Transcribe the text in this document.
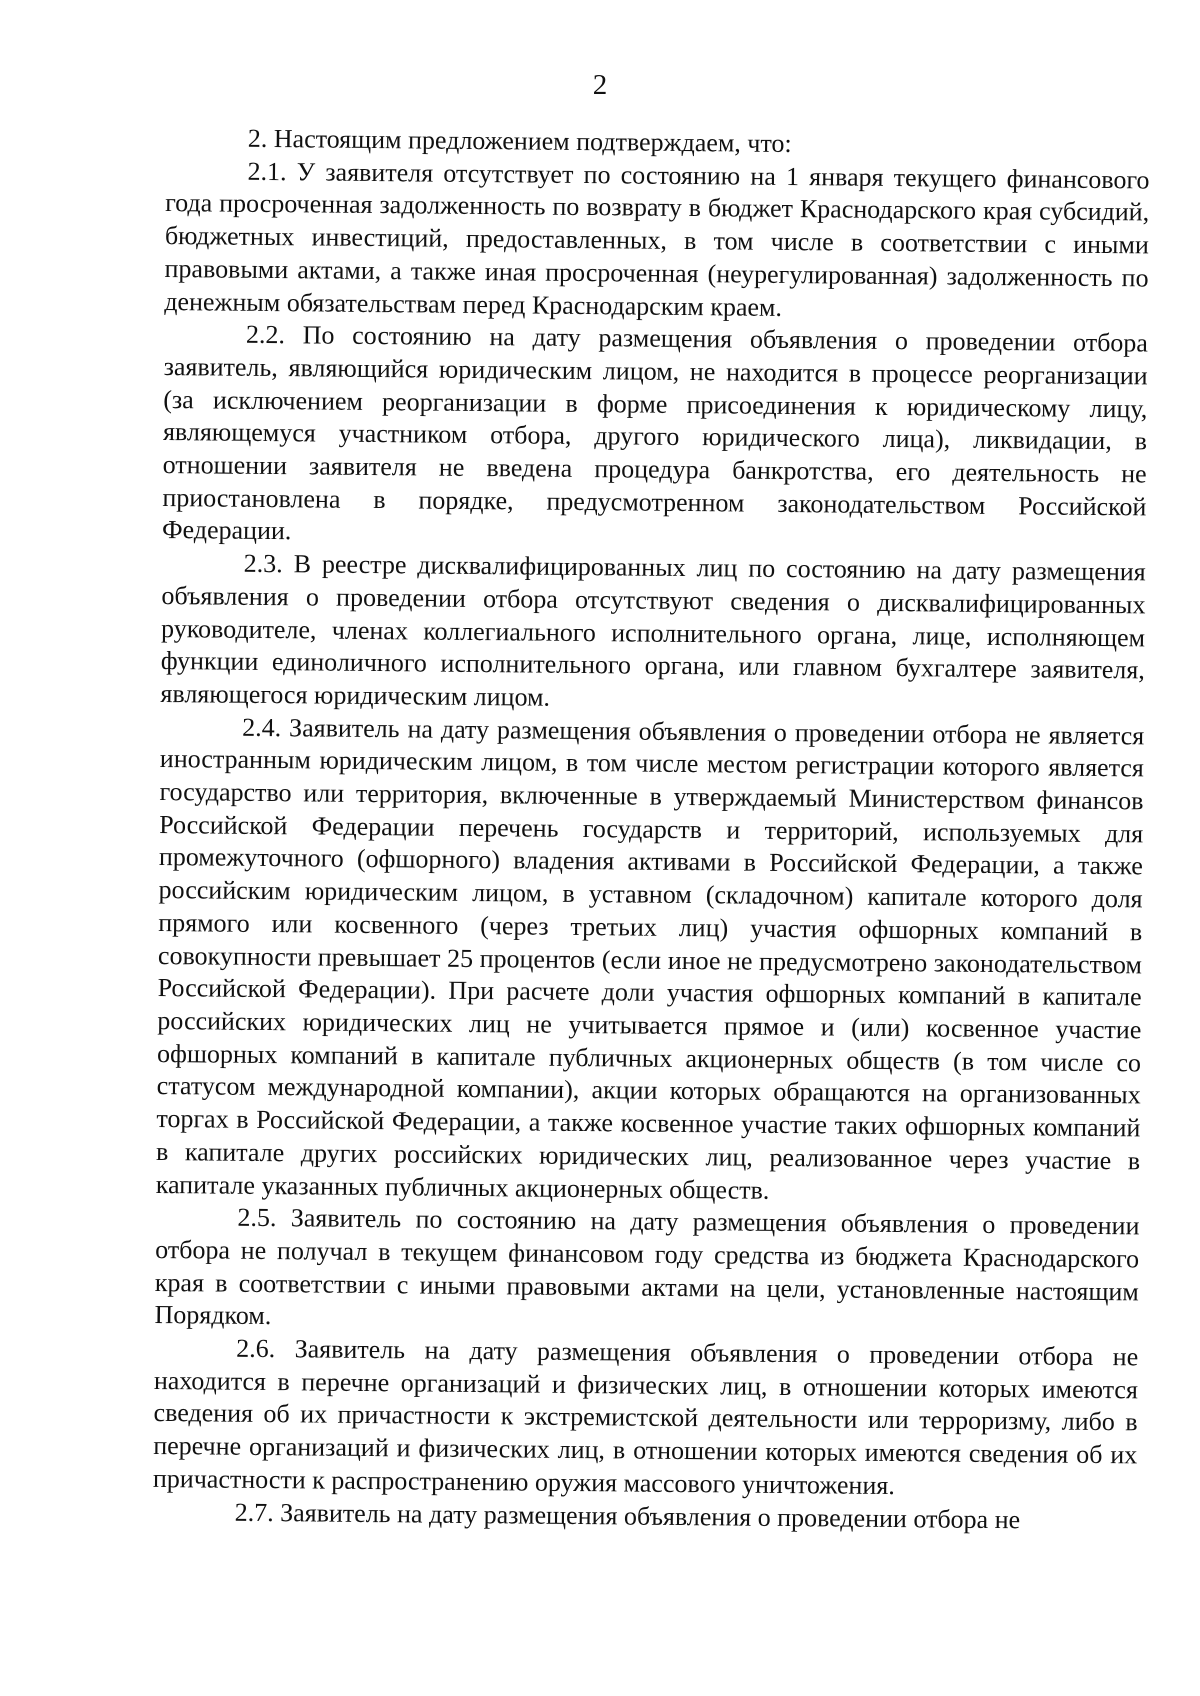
2

2. Настоящим предложением подтверждаем, что:

2.1. У заявителя отсутствует по состоянию на 1 января текущего финансового года просроченная задолженность по возврату в бюджет Краснодарского края субсидий, бюджетных инвестиций, предоставленных, в том числе в соответствии с иными правовыми актами, а также иная просроченная (неурегулированная) задолженность по денежным обязательствам перед Краснодарским краем.

2.2. По состоянию на дату размещения объявления о проведении отбора заявитель, являющийся юридическим лицом, не находится в процессе реорганизации (за исключением реорганизации в форме присоединения к юридическому лицу, являющемуся участником отбора, другого юридического лица), ликвидации, в отношении заявителя не введена процедура банкротства, его деятельность не приостановлена в порядке, предусмотренном законодательством Российской Федерации.

2.3. В реестре дисквалифицированных лиц по состоянию на дату размещения объявления о проведении отбора отсутствуют сведения о дисквалифицированных руководителе, членах коллегиального исполнительного органа, лице, исполняющем функции единоличного исполнительного органа, или главном бухгалтере заявителя, являющегося юридическим лицом.

2.4. Заявитель на дату размещения объявления о проведении отбора не является иностранным юридическим лицом, в том числе местом регистрации которого является государство или территория, включенные в утверждаемый Министерством финансов Российской Федерации перечень государств и территорий, используемых для промежуточного (офшорного) владения активами в Российской Федерации, а также российским юридическим лицом, в уставном (складочном) капитале которого доля прямого или косвенного (через третьих лиц) участия офшорных компаний в совокупности превышает 25 процентов (если иное не предусмотрено законодательством Российской Федерации). При расчете доли участия офшорных компаний в капитале российских юридических лиц не учитывается прямое и (или) косвенное участие офшорных компаний в капитале публичных акционерных обществ (в том числе со статусом международной компании), акции которых обращаются на организованных торгах в Российской Федерации, а также косвенное участие таких офшорных компаний в капитале других российских юридических лиц, реализованное через участие в капитале указанных публичных акционерных обществ.

2.5. Заявитель по состоянию на дату размещения объявления о проведении отбора не получал в текущем финансовом году средства из бюджета Краснодарского края в соответствии с иными правовыми актами на цели, установленные настоящим Порядком.

2.6. Заявитель на дату размещения объявления о проведении отбора не находится в перечне организаций и физических лиц, в отношении которых имеются сведения об их причастности к экстремистской деятельности или терроризму, либо в перечне организаций и физических лиц, в отношении которых имеются сведения об их причастности к распространению оружия массового уничтожения.

2.7. Заявитель на дату размещения объявления о проведении отбора не
